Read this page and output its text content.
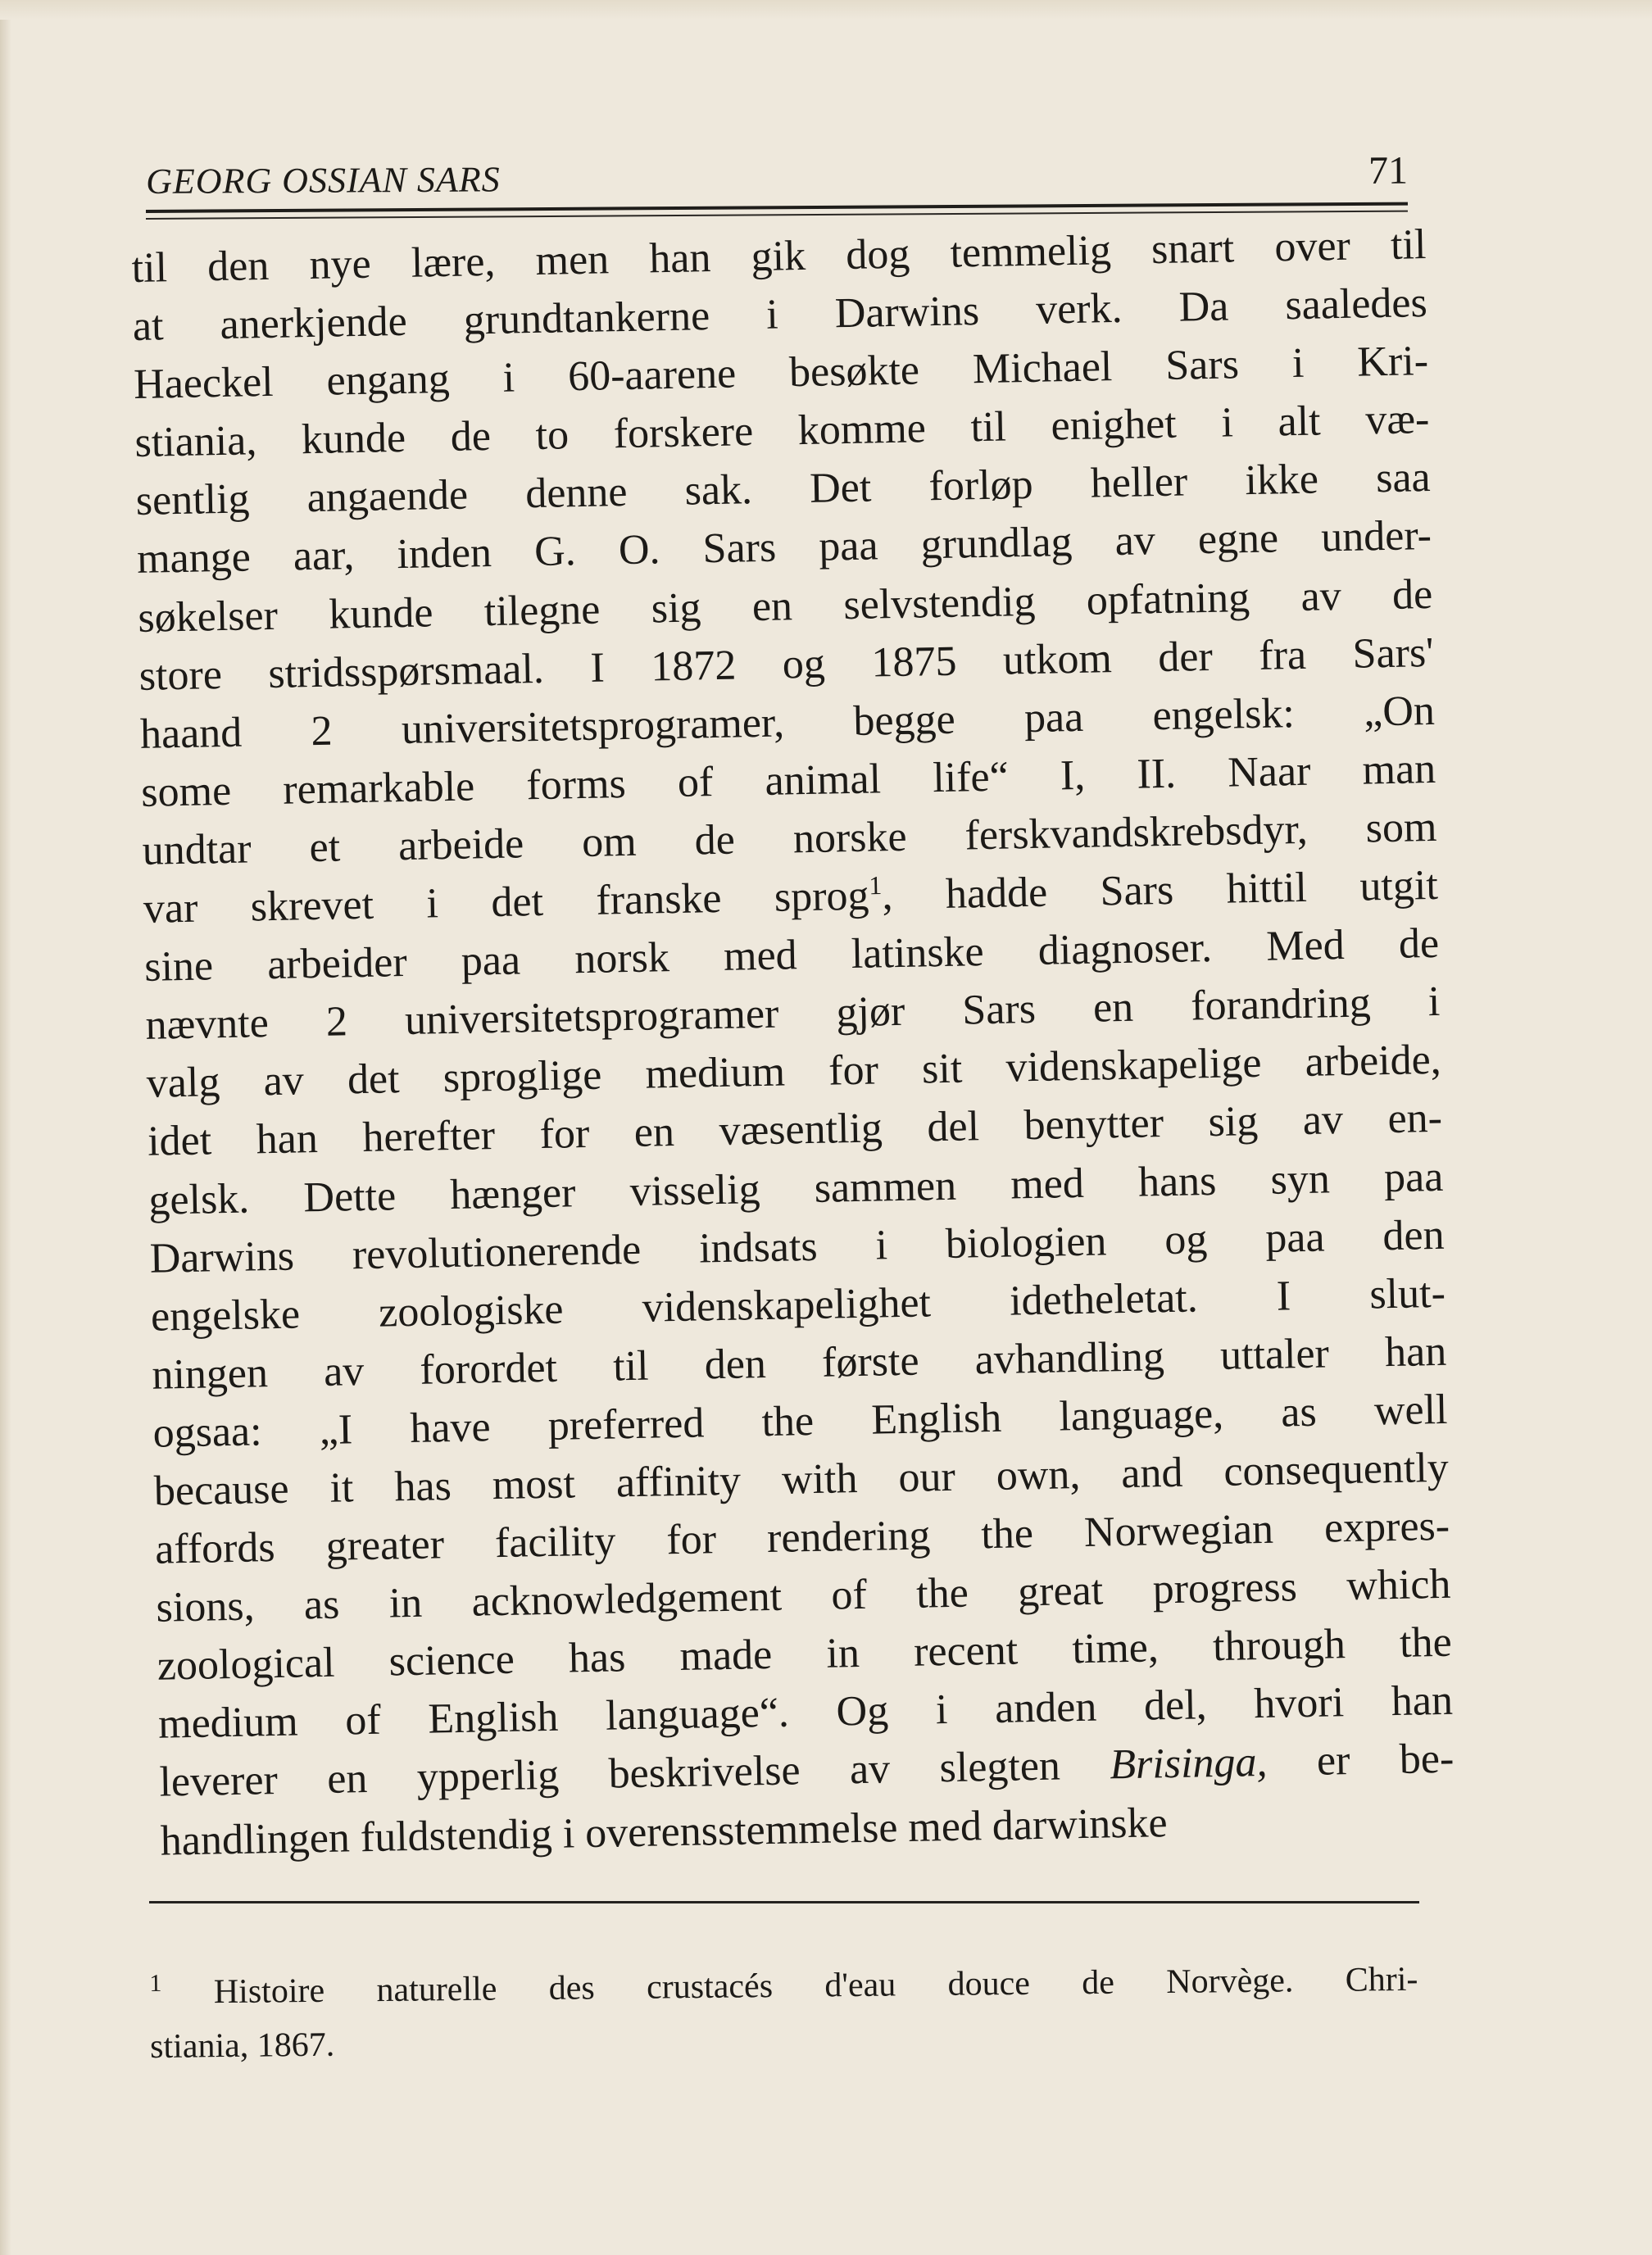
GEORG OSSIAN SARS	71
til den nye lære, men han gik dog temmelig snart over til
at anerkjende grundtankerne i Darwins verk. Da saaledes
Haeckel engang i 60-aarene besøkte Michael Sars i Kri-
stiania, kunde de to forskere komme til enighet i alt væ-
sentlig angaende denne sak. Det forløp heller ikke saa
mange aar, inden G. O. Sars paa grundlag av egne under-
søkelser kunde tilegne sig en selvstendig opfatning av de
store stridsspørsmaal. I 1872 og 1875 utkom der fra Sars'
haand 2 universitetsprogramer, begge paa engelsk: „On
some remarkable forms of animal life“ I, II. Naar man
undtar et arbeide om de norske ferskvandskrebsdyr, som
var skrevet i det franske sprog$^1$, hadde Sars hittil utgit
sine arbeider paa norsk med latinske diagnoser. Med de
nævnte 2 universitetsprogramer gjør Sars en forandring i
valg av det sproglige medium for sit videnskapelige arbeide,
idet han herefter for en væsentlig del benytter sig av en-
gelsk. Dette hænger visselig sammen med hans syn paa
Darwins revolutionerende indsats i biologien og paa den
engelske zoologiske videnskapelighet idetheletat. I slut-
ningen av forordet til den første avhandling uttaler han
ogsaa: „I have preferred the English language, as well
because it has most affinity with our own, and consequently
affords greater facility for rendering the Norwegian expres-
sions, as in acknowledgement of the great progress which
zoological science has made in recent time, through the
medium of English language“. Og i anden del, hvori han
leverer en ypperlig beskrivelse av slegten Brisinga, er be-
handlingen fuldstendig i overensstemmelse med darwinske
$^1$ Histoire naturelle des crustacés d'eau douce de Norvège. Chri-
stiania, 1867.
